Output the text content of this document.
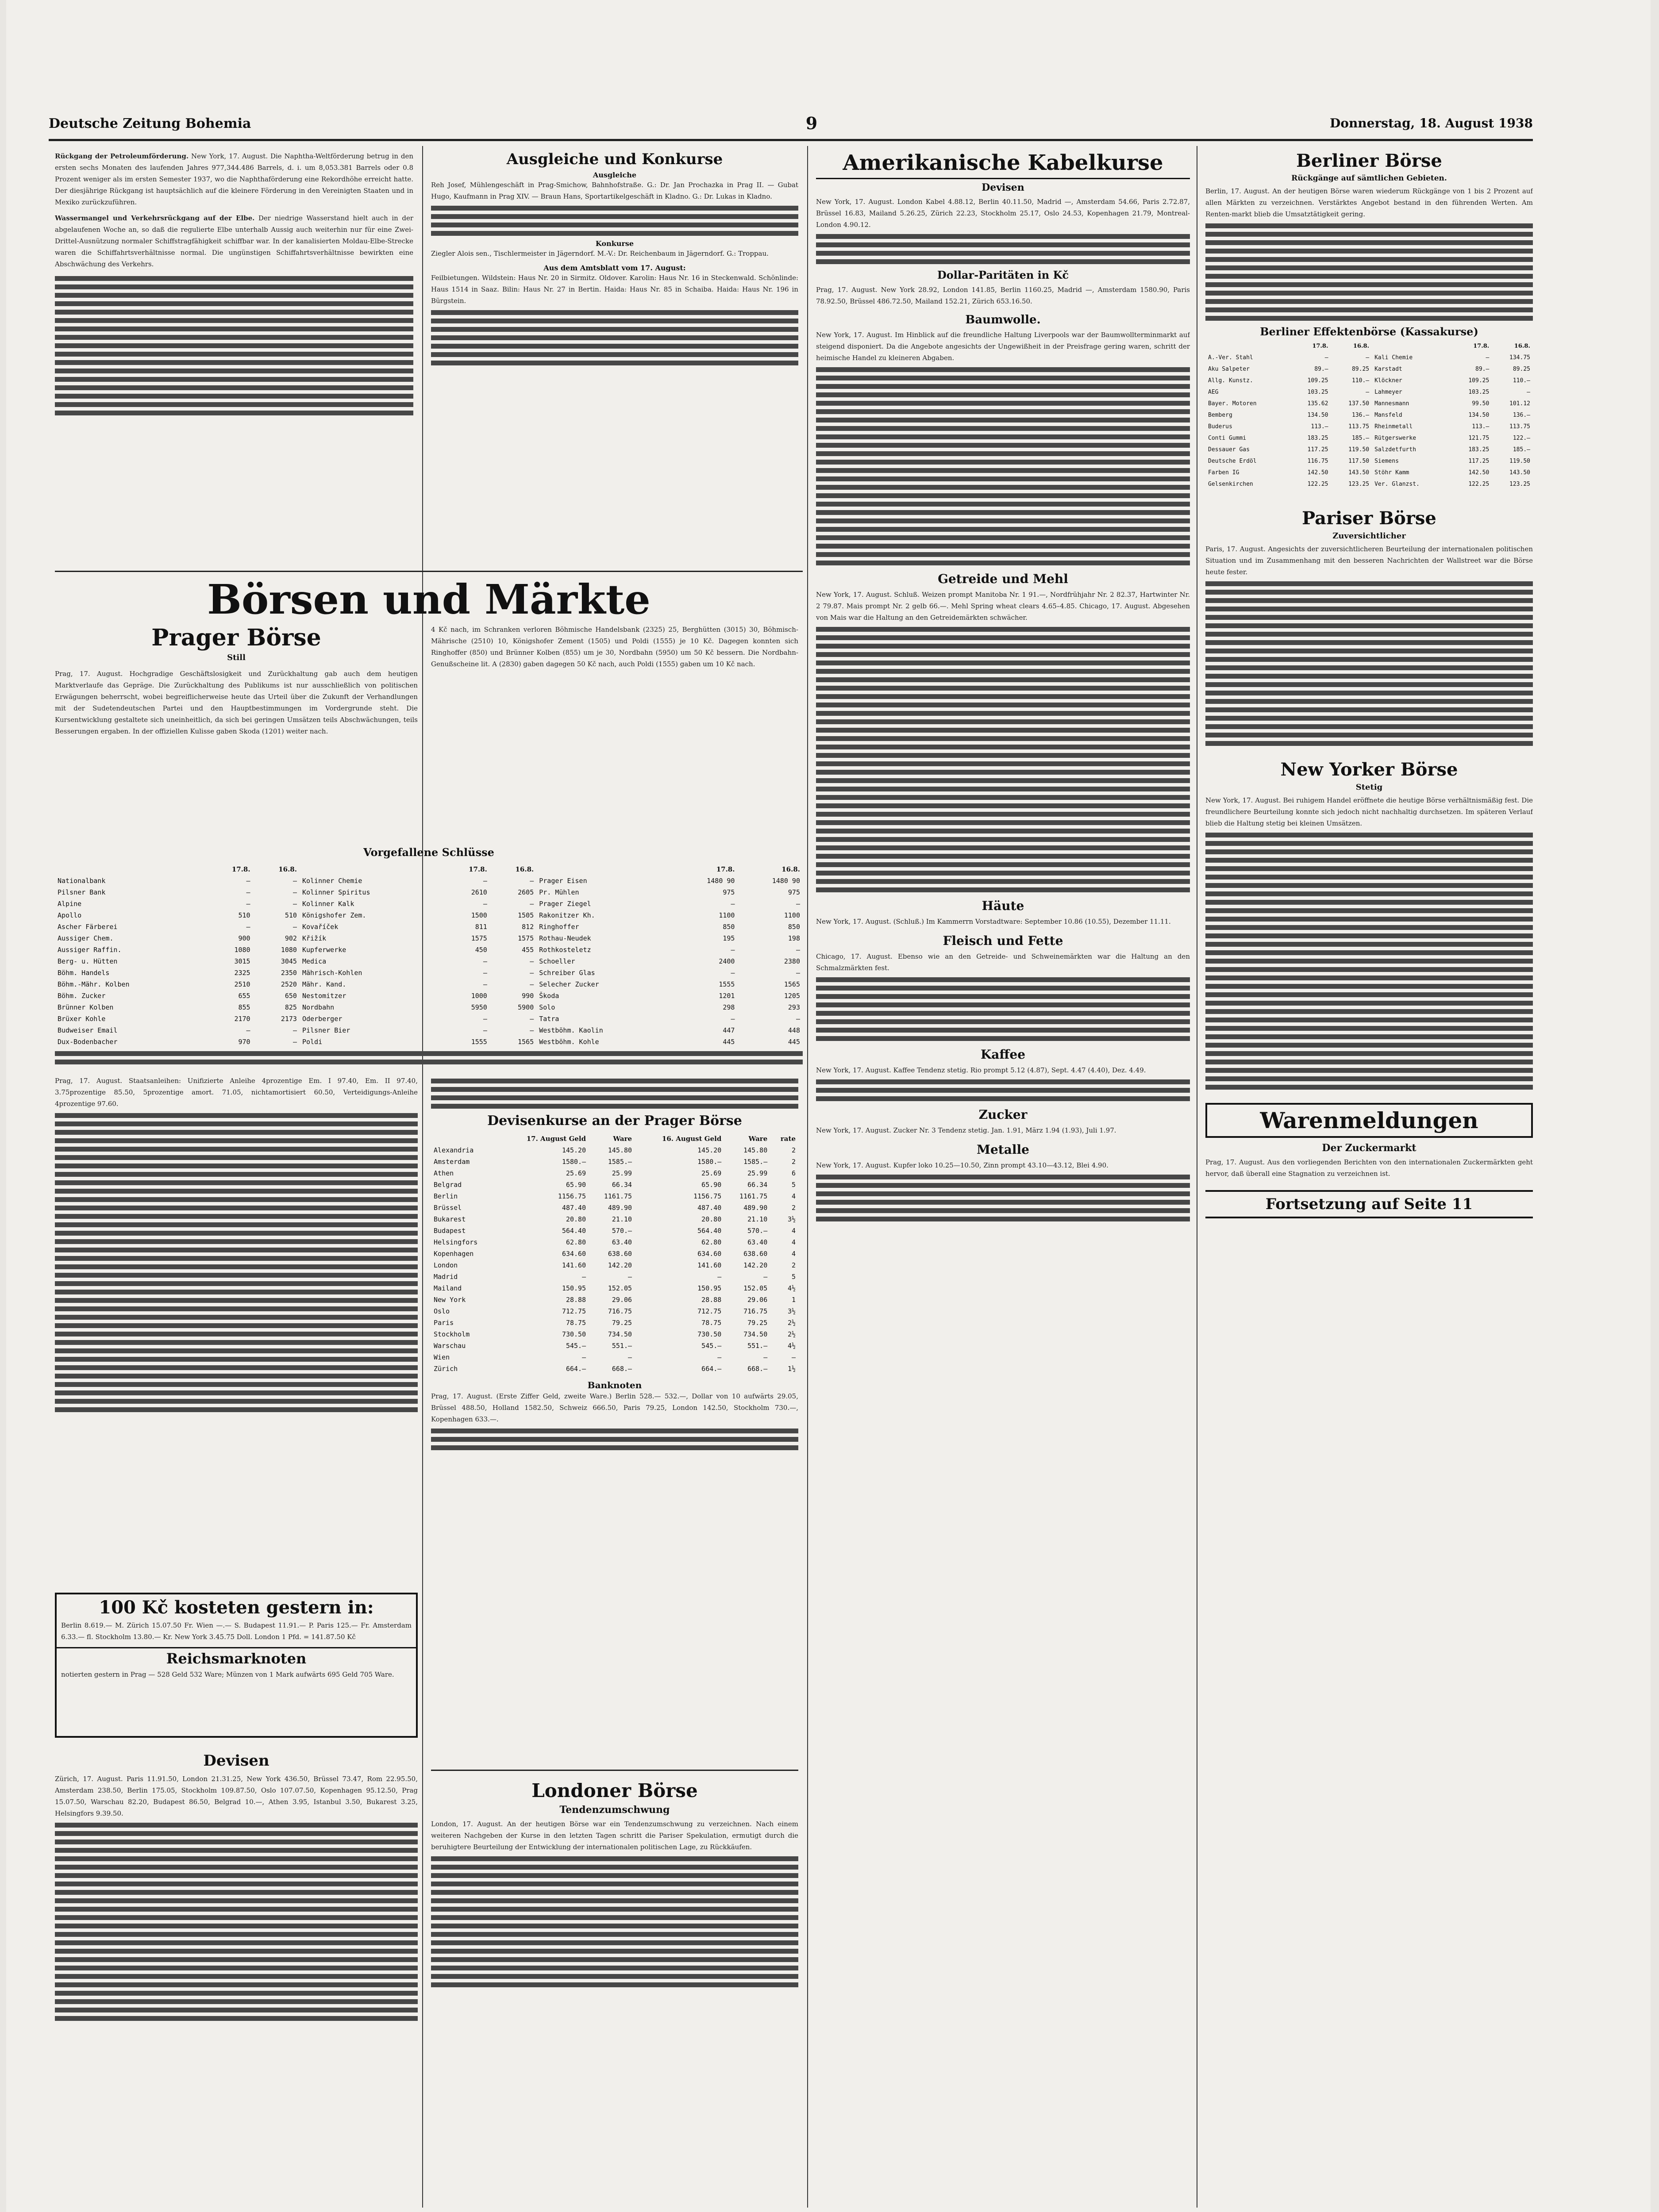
Deutsche Zeitung Bohemia	9	Donnerstag, 18. August 1938
Rückgang der Petroleumförderung. New York, 17. August. Die Naphtha-Weltförderung betrug in den ersten sechs Monaten des laufenden Jahres 977,344.486 Barrels, d. i. um 8,053.381 Barrels oder 0.8 Prozent weniger als im ersten Semester 1937, wo die Naphthaförderung eine Rekordhöhe erreicht hatte. Der diesjährige Rückgang ist hauptsächlich auf die kleinere Förderung in den Vereinigten Staaten und in Mexiko zurückzuführen.
Wassermangel und Verkehrsrückgang auf der Elbe. Der niedrige Wasserstand hielt auch in der abgelaufenen Woche an, so daß die regulierte Elbe unterhalb Aussig auch weiterhin nur für eine Zwei-Drittel-Ausnützung normaler Schiffstragfähigkeit schiffbar war. In der kanalisierten Moldau-Elbe-Strecke waren die Schiffahrtsverhältnisse normal. Die ungünstigen Schiffahrtsverhältnisse bewirkten eine Abschwächung des Verkehrs.
Ausgleiche und Konkurse
Ausgleiche
Reh Josef, Mühlengeschäft in Prag-Smichow, Bahnhofstraße. G.: Dr. Jan Prochazka in Prag II. — Gubat Hugo, Kaufmann in Prag XIV. — Braun Hans, Sportartikelgeschäft in Kladno. G.: Dr. Lukas in Kladno.
Konkurse
Ziegler Alois sen., Tischlermeister in Jägerndorf. M.-V.: Dr. Reichenbaum in Jägerndorf. G.: Troppau.
Aus dem Amtsblatt vom 17. August:
Feilbietungen. Wildstein: Haus Nr. 20 in Sirmitz. Oldover. Karolin: Haus Nr. 16 in Steckenwald. Schönlinde: Haus 1514 in Saaz. Bilin: Haus Nr. 27 in Bertin. Haida: Haus Nr. 85 in Schaiba. Haida: Haus Nr. 196 in Bürgstein.
Börsen und Märkte
Prager Börse
Still
Prag, 17. August. Hochgradige Geschäftslosigkeit und Zurückhaltung gab auch dem heutigen Marktverlaufe das Gepräge. Die Zurückhaltung des Publikums ist nur ausschließlich von politischen Erwägungen beherrscht, wobei begreiflicherweise heute das Urteil über die Zukunft der Verhandlungen mit der Sudetendeutschen Partei und den Hauptbestimmungen im Vordergrunde steht. Die Kursentwicklung gestaltete sich uneinheitlich, da sich bei geringen Umsätzen teils Abschwächungen, teils Besserungen ergaben. In der offiziellen Kulisse gaben Skoda (1201) weiter nach.
4 Kč nach, im Schranken verloren Böhmische Handelsbank (2325) 25, Berghütten (3015) 30, Böhmisch-Mährische (2510) 10, Königshofer Zement (1505) und Poldi (1555) je 10 Kč. Dagegen konnten sich Ringhoffer (850) und Brünner Kolben (855) um je 30, Nordbahn (5950) um 50 Kč bessern. Die Nordbahn-Genußscheine lit. A (2830) gaben dagegen 50 Kč nach, auch Poldi (1555) gaben um 10 Kč nach.
Vorgefallene Schlüsse
	17.8.	16.8.		17.8.	16.8.		17.8.	16.8.
Nationalbank	—	—	Kolinner Chemie	—	—	Prager Eisen	1480 90	1480 90
Pilsner Bank	—	—	Kolinner Spiritus	2610	2605	Pr. Mühlen	975	975
Alpine	—	—	Kolinner Kalk	—	—	Prager Ziegel	—	—
Apollo	510	510	Königshofer Zem.	1500	1505	Rakonitzer Kh.	1100	1100
Ascher Färberei	—	—	Kovaříček	811	812	Ringhoffer	850	850
Aussiger Chem.	900	902	Křižík	1575	1575	Rothau-Neudek	195	198
Aussiger Raffin.	1080	1080	Kupferwerke	450	455	Rothkosteletz	—	—
Berg- u. Hütten	3015	3045	Medica	—	—	Schoeller	2400	2380
Böhm. Handels	2325	2350	Mährisch-Kohlen	—	—	Schreiber Glas	—	—
Böhm.-Mähr. Kolben	2510	2520	Mähr. Kand.	—	—	Selecher Zucker	1555	1565
Böhm. Zucker	655	650	Nestomitzer	1000	990	Škoda	1201	1205
Brünner Kolben	855	825	Nordbahn	5950	5900	Solo	298	293
Brüxer Kohle	2170	2173	Oderberger	—	—	Tatra	—	—
Budweiser Email	—	—	Pilsner Bier	—	—	Westböhm. Kaolin	447	448
Dux-Bodenbacher	970	—	Poldi	1555	1565	Westböhm. Kohle	445	445
Prag, 17. August. Staatsanleihen: Unifizierte Anleihe 4prozentige Em. I 97.40, Em. II 97.40, 3.75prozentige 85.50, 5prozentige amort. 71.05, nichtamortisiert 60.50, Verteidigungs-Anleihe 4prozentige 97.60.
100 Kč kosteten gestern in:
Berlin 8.619.— M. Zürich 15.07.50 Fr. Wien —.— S. Budapest 11.91.— P. Paris 125.— Fr. Amsterdam 6.33.— fl. Stockholm 13.80.— Kr. New York 3.45.75 Doll. London 1 Pfd. = 141.87.50 Kč
Reichsmarknoten
notierten gestern in Prag — 528 Geld 532 Ware; Münzen von 1 Mark aufwärts 695 Geld 705 Ware.
Devisen
Zürich, 17. August. Paris 11.91.50, London 21.31.25, New York 436.50, Brüssel 73.47, Rom 22.95.50, Amsterdam 238.50, Berlin 175.05, Stockholm 109.87.50, Oslo 107.07.50, Kopenhagen 95.12.50, Prag 15.07.50, Warschau 82.20, Budapest 86.50, Belgrad 10.—, Athen 3.95, Istanbul 3.50, Bukarest 3.25, Helsingfors 9.39.50.
Devisenkurse an der Prager Börse
	17. August Geld	Ware	16. August Geld	Ware	rate
Alexandria	145.20	145.80	145.20	145.80	2
Amsterdam	1580.—	1585.—	1580.—	1585.—	2
Athen	25.69	25.99	25.69	25.99	6
Belgrad	65.90	66.34	65.90	66.34	5
Berlin	1156.75	1161.75	1156.75	1161.75	4
Brüssel	487.40	489.90	487.40	489.90	2
Bukarest	20.80	21.10	20.80	21.10	3½
Budapest	564.40	570.—	564.40	570.—	4
Helsingfors	62.80	63.40	62.80	63.40	4
Kopenhagen	634.60	638.60	634.60	638.60	4
London	141.60	142.20	141.60	142.20	2
Madrid	—	—	—	—	5
Mailand	150.95	152.05	150.95	152.05	4½
New York	28.88	29.06	28.88	29.06	1
Oslo	712.75	716.75	712.75	716.75	3½
Paris	78.75	79.25	78.75	79.25	2½
Stockholm	730.50	734.50	730.50	734.50	2½
Warschau	545.—	551.—	545.—	551.—	4½
Wien	—	—	—	—	—
Zürich	664.—	668.—	664.—	668.—	1½
Banknoten
Prag, 17. August. (Erste Ziffer Geld, zweite Ware.) Berlin 528.— 532.—, Dollar von 10 aufwärts 29.05, Brüssel 488.50, Holland 1582.50, Schweiz 666.50, Paris 79.25, London 142.50, Stockholm 730.—, Kopenhagen 633.—.
Londoner Börse
Tendenzumschwung
London, 17. August. An der heutigen Börse war ein Tendenzumschwung zu verzeichnen. Nach einem weiteren Nachgeben der Kurse in den letzten Tagen schritt die Pariser Spekulation, ermutigt durch die beruhigtere Beurteilung der Entwicklung der internationalen politischen Lage, zu Rückkäufen.
Amerikanische Kabelkurse
Devisen
New York, 17. August. London Kabel 4.88.12, Berlin 40.11.50, Madrid —, Amsterdam 54.66, Paris 2.72.87, Brüssel 16.83, Mailand 5.26.25, Zürich 22.23, Stockholm 25.17, Oslo 24.53, Kopenhagen 21.79, Montreal-London 4.90.12.
Dollar-Paritäten in Kč
Prag, 17. August. New York 28.92, London 141.85, Berlin 1160.25, Madrid —, Amsterdam 1580.90, Paris 78.92.50, Brüssel 486.72.50, Mailand 152.21, Zürich 653.16.50.
Baumwolle.
New York, 17. August. Im Hinblick auf die freundliche Haltung Liverpools war der Baumwollterminmarkt auf steigend disponiert. Da die Angebote angesichts der Ungewißheit in der Preisfrage gering waren, schritt der heimische Handel zu kleineren Abgaben.
Getreide und Mehl
New York, 17. August. Schluß. Weizen prompt Manitoba Nr. 1 91.—, Nordfrühjahr Nr. 2 82.37, Hartwinter Nr. 2 79.87. Mais prompt Nr. 2 gelb 66.—. Mehl Spring wheat clears 4.65–4.85. Chicago, 17. August. Abgesehen von Mais war die Haltung an den Getreidemärkten schwächer.
Häute
New York, 17. August. (Schluß.) Im Kammerrn Vorstadtware: September 10.86 (10.55), Dezember 11.11.
Fleisch und Fette
Chicago, 17. August. Ebenso wie an den Getreide- und Schweinemärkten war die Haltung an den Schmalzmärkten fest.
Kaffee
New York, 17. August. Kaffee Tendenz stetig. Rio prompt 5.12 (4.87), Sept. 4.47 (4.40), Dez. 4.49.
Zucker
New York, 17. August. Zucker Nr. 3 Tendenz stetig. Jan. 1.91, März 1.94 (1.93), Juli 1.97.
Metalle
New York, 17. August. Kupfer loko 10.25—10.50, Zinn prompt 43.10—43.12, Blei 4.90.
Berliner Börse
Rückgänge auf sämtlichen Gebieten.
Berlin, 17. August. An der heutigen Börse waren wiederum Rückgänge von 1 bis 2 Prozent auf allen Märkten zu verzeichnen. Verstärktes Angebot bestand in den führenden Werten. Am Renten-markt blieb die Umsatztätigkeit gering.
Berliner Effektenbörse (Kassakurse)
	17.8.	16.8.		17.8.	16.8.
A.-Ver. Stahl	—	—	Kali Chemie	—	134.75
Aku Salpeter	89.—	89.25	Karstadt	89.—	89.25
Allg. Kunstz.	109.25	110.—	Klöckner	109.25	110.—
AEG	103.25	—	Lahmeyer	103.25	—
Bayer. Motoren	135.62	137.50	Mannesmann	99.50	101.12
Bemberg	134.50	136.—	Mansfeld	134.50	136.—
Buderus	113.—	113.75	Rheinmetall	113.—	113.75
Conti Gummi	183.25	185.—	Rütgerswerke	121.75	122.—
Dessauer Gas	117.25	119.50	Salzdetfurth	183.25	185.—
Deutsche Erdöl	116.75	117.50	Siemens	117.25	119.50
Farben IG	142.50	143.50	Stöhr Kamm	142.50	143.50
Gelsenkirchen	122.25	123.25	Ver. Glanzst.	122.25	123.25
Pariser Börse
Zuversichtlicher
Paris, 17. August. Angesichts der zuversichtlicheren Beurteilung der internationalen politischen Situation und im Zusammenhang mit den besseren Nachrichten der Wallstreet war die Börse heute fester.
New Yorker Börse
Stetig
New York, 17. August. Bei ruhigem Handel eröffnete die heutige Börse verhältnismäßig fest. Die freundlichere Beurteilung konnte sich jedoch nicht nachhaltig durchsetzen. Im späteren Verlauf blieb die Haltung stetig bei kleinen Umsätzen.
Warenmeldungen
Der Zuckermarkt
Prag, 17. August. Aus den vorliegenden Berichten von den internationalen Zuckermärkten geht hervor, daß überall eine Stagnation zu verzeichnen ist.
Fortsetzung auf Seite 11
